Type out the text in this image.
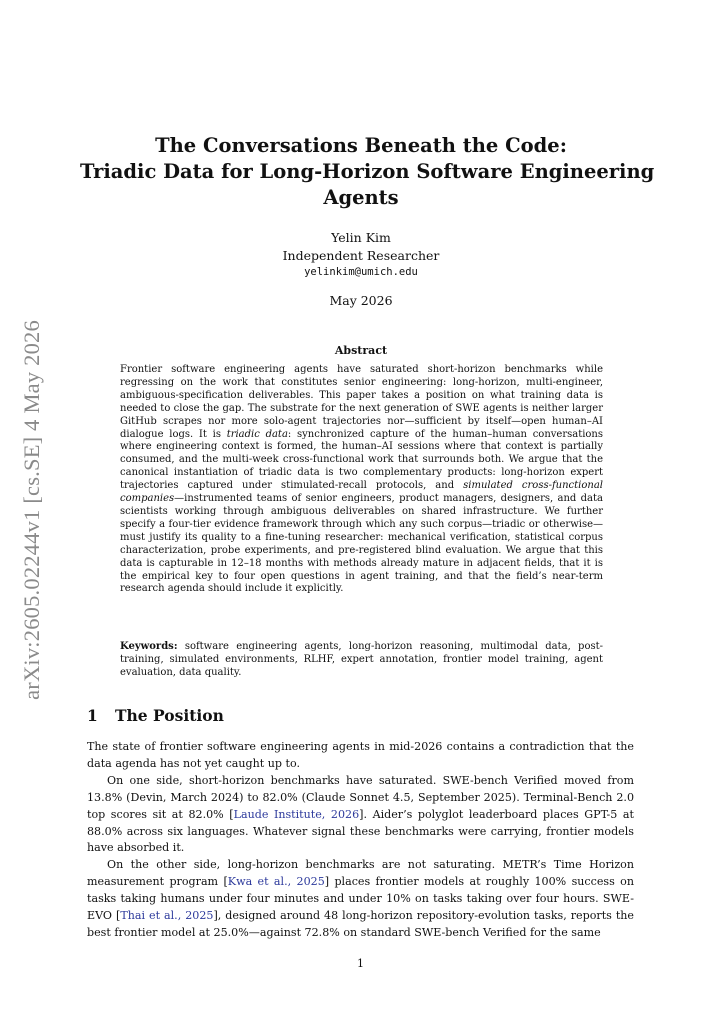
arXiv:2605.02244v1 [cs.SE] 4 May 2026
The Conversations Beneath the Code:
Triadic Data for Long-Horizon Software Engineering
Agents
Yelin Kim
Independent Researcher
yelinkim@umich.edu
May 2026
Abstract
Frontier software engineering agents have saturated short-horizon benchmarks while regressing on the work that constitutes senior engineering: long-horizon, multi-engineer, ambiguous-specification deliverables. This paper takes a position on what training data is needed to close the gap. The substrate for the next generation of SWE agents is neither larger GitHub scrapes nor more solo-agent trajectories nor—sufficient by itself—open human–AI dialogue logs. It is triadic data: synchronized capture of the human–human conversations where engineering context is formed, the human–AI sessions where that context is partially consumed, and the multi-week cross-functional work that surrounds both. We argue that the canonical instantiation of triadic data is two complementary products: long-horizon expert trajectories captured under stimulated-recall protocols, and simulated cross-functional companies—instrumented teams of senior engineers, product managers, designers, and data scientists working through ambiguous deliverables on shared infrastructure. We further specify a four-tier evidence framework through which any such corpus—triadic or otherwise—must justify its quality to a fine-tuning researcher: mechanical verification, statistical corpus characterization, probe experiments, and pre-registered blind evaluation. We argue that this data is capturable in 12–18 months with methods already mature in adjacent fields, that it is the empirical key to four open questions in agent training, and that the field’s near-term research agenda should include it explicitly.
Keywords: software engineering agents, long-horizon reasoning, multimodal data, post-training, simulated environments, RLHF, expert annotation, frontier model training, agent evaluation, data quality.
1 The Position

The state of frontier software engineering agents in mid-2026 contains a contradiction that the data agenda has not yet caught up to.

On one side, short-horizon benchmarks have saturated. SWE-bench Verified moved from 13.8% (Devin, March 2024) to 82.0% (Claude Sonnet 4.5, September 2025). Terminal-Bench 2.0 top scores sit at 82.0% [Laude Institute, 2026]. Aider’s polyglot leaderboard places GPT-5 at 88.0% across six languages. Whatever signal these benchmarks were carrying, frontier models have absorbed it.

On the other side, long-horizon benchmarks are not saturating. METR’s Time Horizon measurement program [Kwa et al., 2025] places frontier models at roughly 100% success on tasks taking humans under four minutes and under 10% on tasks taking over four hours. SWE-EVO [Thai et al., 2025], designed around 48 long-horizon repository-evolution tasks, reports the best frontier model at 25.0%—against 72.8% on standard SWE-bench Verified for the same

1
